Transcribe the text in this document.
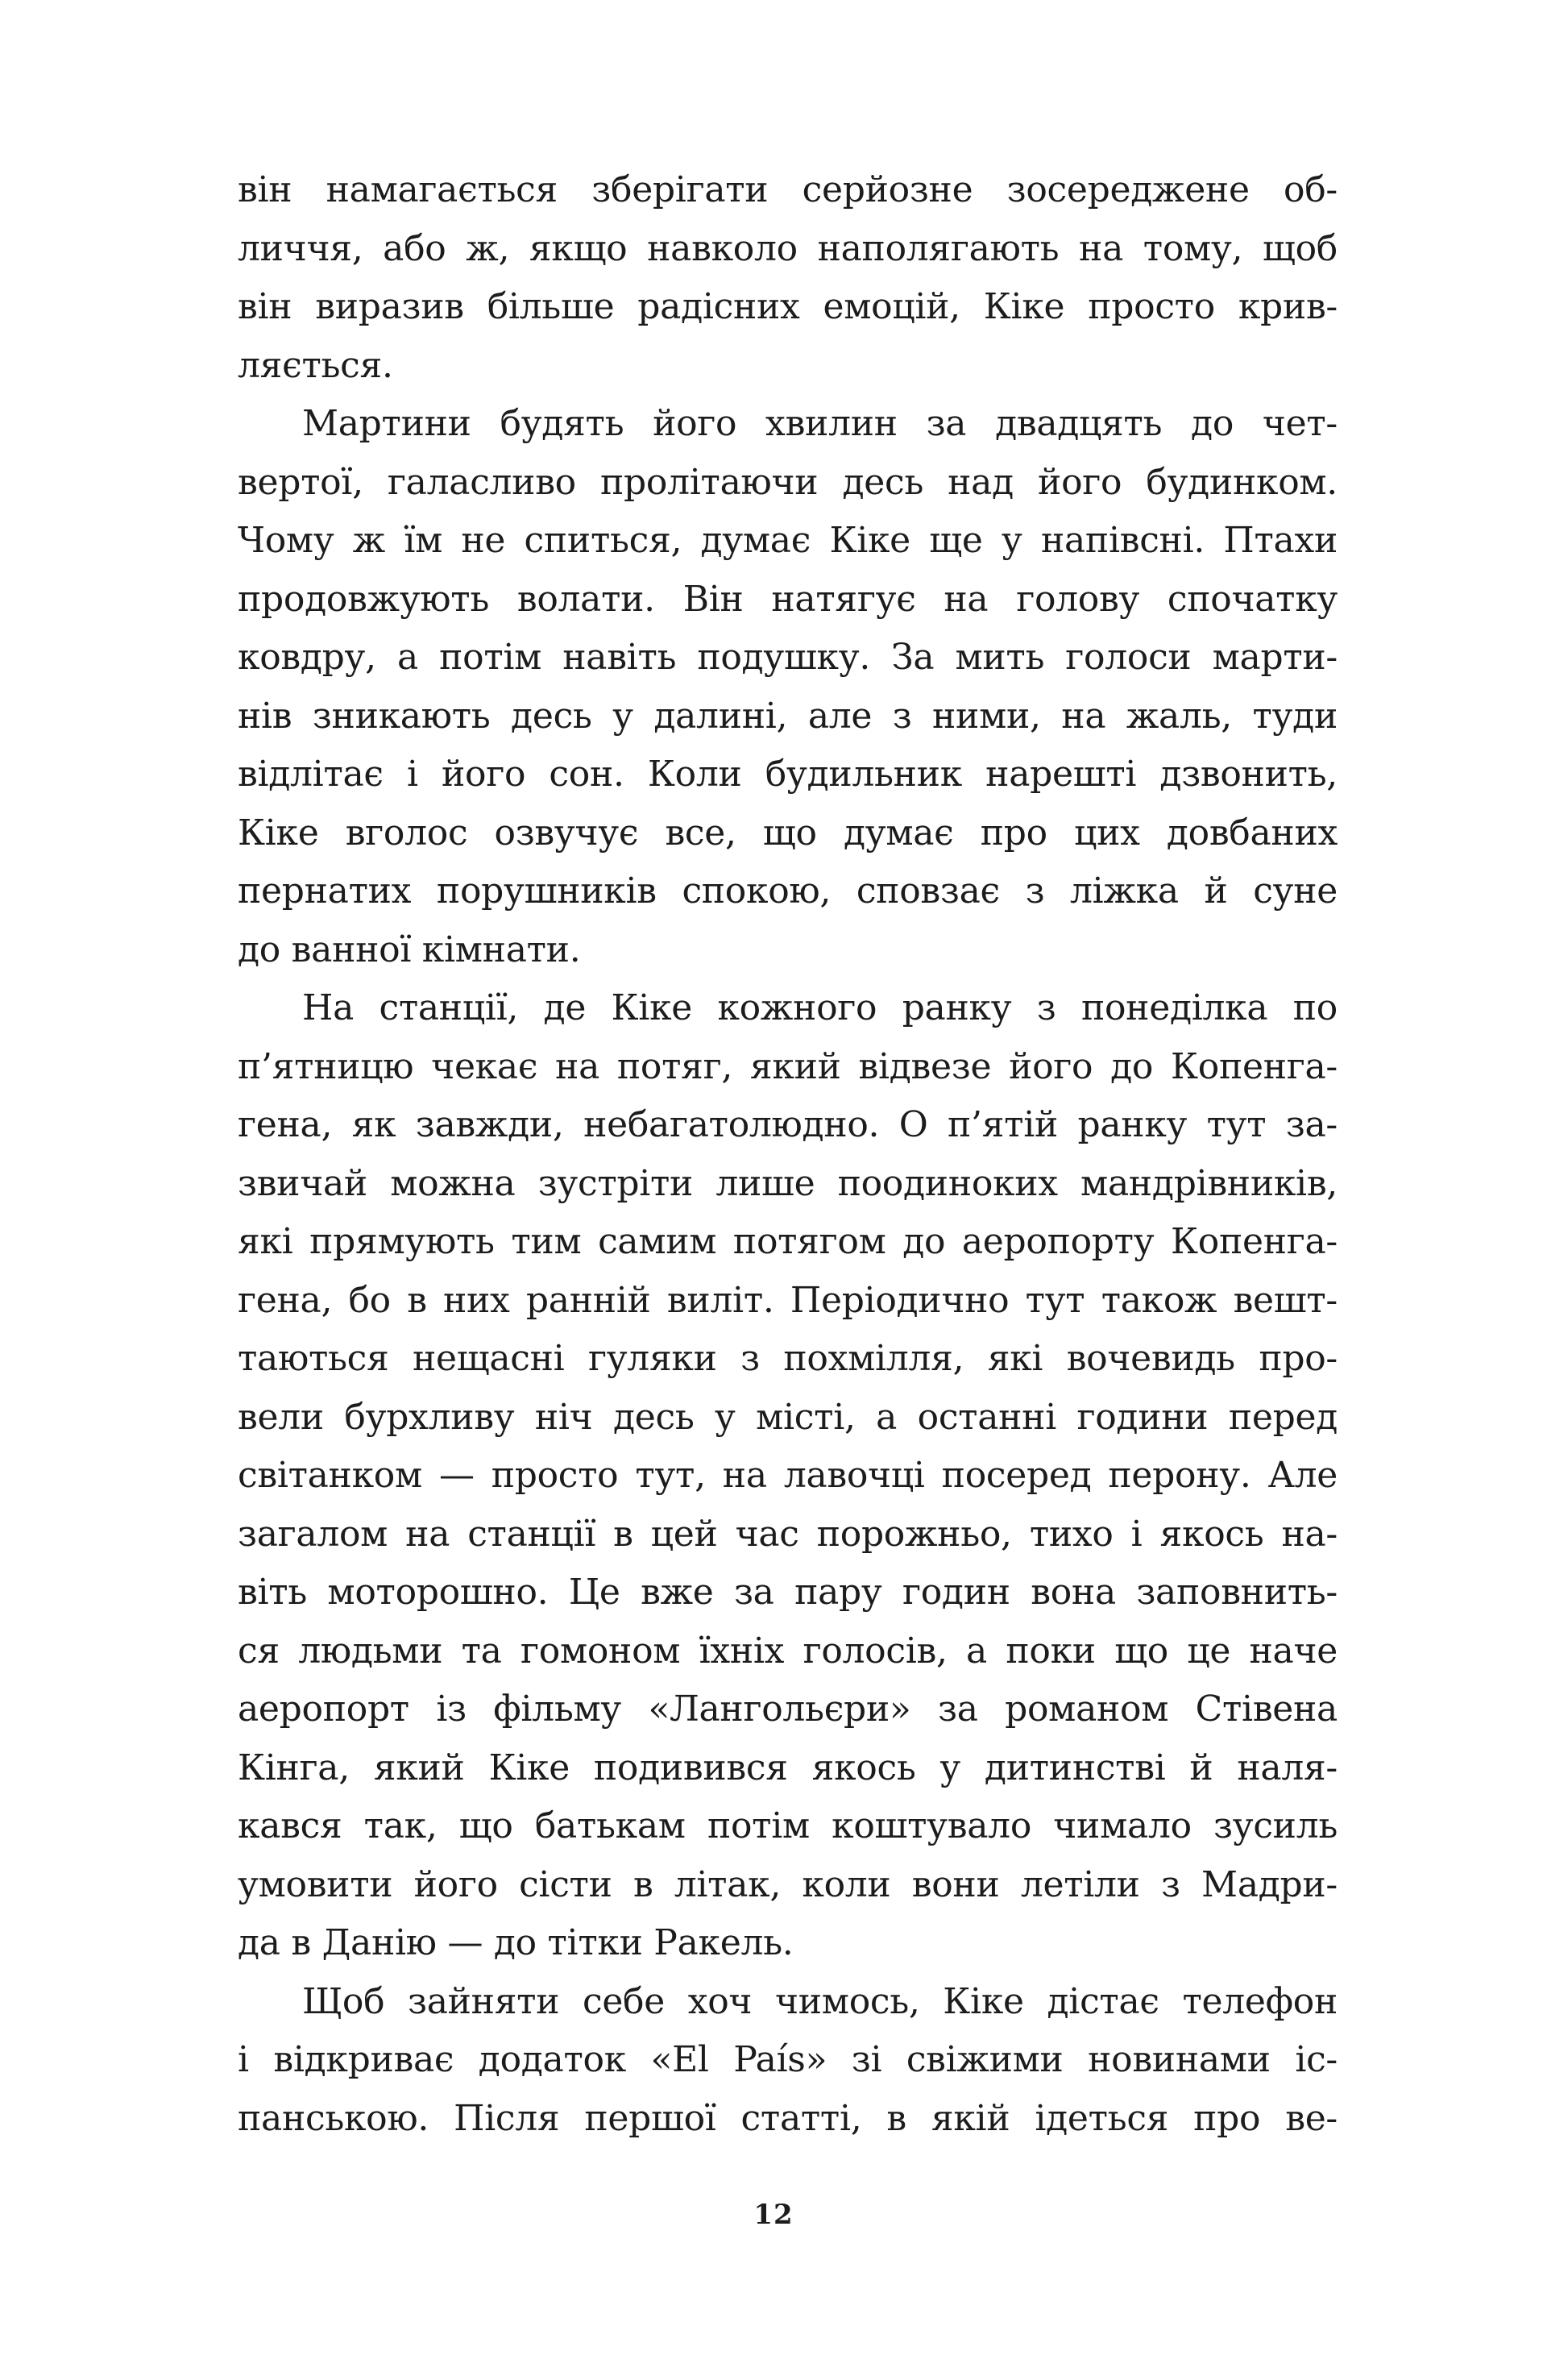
він намагається зберігати серйозне зосереджене об-
личчя, або ж, якщо навколо наполягають на тому, щоб
він виразив більше радісних емоцій, Кіке просто крив-
ляється.
Мартини будять його хвилин за двадцять до чет-
вертої, галасливо пролітаючи десь над його будинком.
Чому ж їм не спиться, думає Кіке ще у напівсні. Птахи
продовжують волати. Він натягує на голову спочатку
ковдру, а потім навіть подушку. За мить голоси марти-
нів зникають десь у далині, але з ними, на жаль, туди
відлітає і його сон. Коли будильник нарешті дзвонить,
Кіке вголос озвучує все, що думає про цих довбаних
пернатих порушників спокою, сповзає з ліжка й суне
до ванної кімнати.
На станції, де Кіке кожного ранку з понеділка по
п’ятницю чекає на потяг, який відвезе його до Копенга-
гена, як завжди, небагатолюдно. О п’ятій ранку тут за-
звичай можна зустріти лише поодиноких мандрівників,
які прямують тим самим потягом до аеропорту Копенга-
гена, бо в них ранній виліт. Періодично тут також вешт-
таються нещасні гуляки з похмілля, які вочевидь про-
вели бурхливу ніч десь у місті, а останні години перед
світанком — просто тут, на лавочці посеред перону. Але
загалом на станції в цей час порожньо, тихо і якось на-
віть моторошно. Це вже за пару годин вона заповнить-
ся людьми та гомоном їхніх голосів, а поки що це наче
аеропорт із фільму «Лангольєри» за романом Стівена
Кінга, який Кіке подивився якось у дитинстві й наля-
кався так, що батькам потім коштувало чимало зусиль
умовити його сісти в літак, коли вони летіли з Мадри-
да в Данію — до тітки Ракель.
Щоб зайняти себе хоч чимось, Кіке дістає телефон
і відкриває додаток «El País» зі свіжими новинами іс-
панською. Після першої статті, в якій ідеться про ве-
12
